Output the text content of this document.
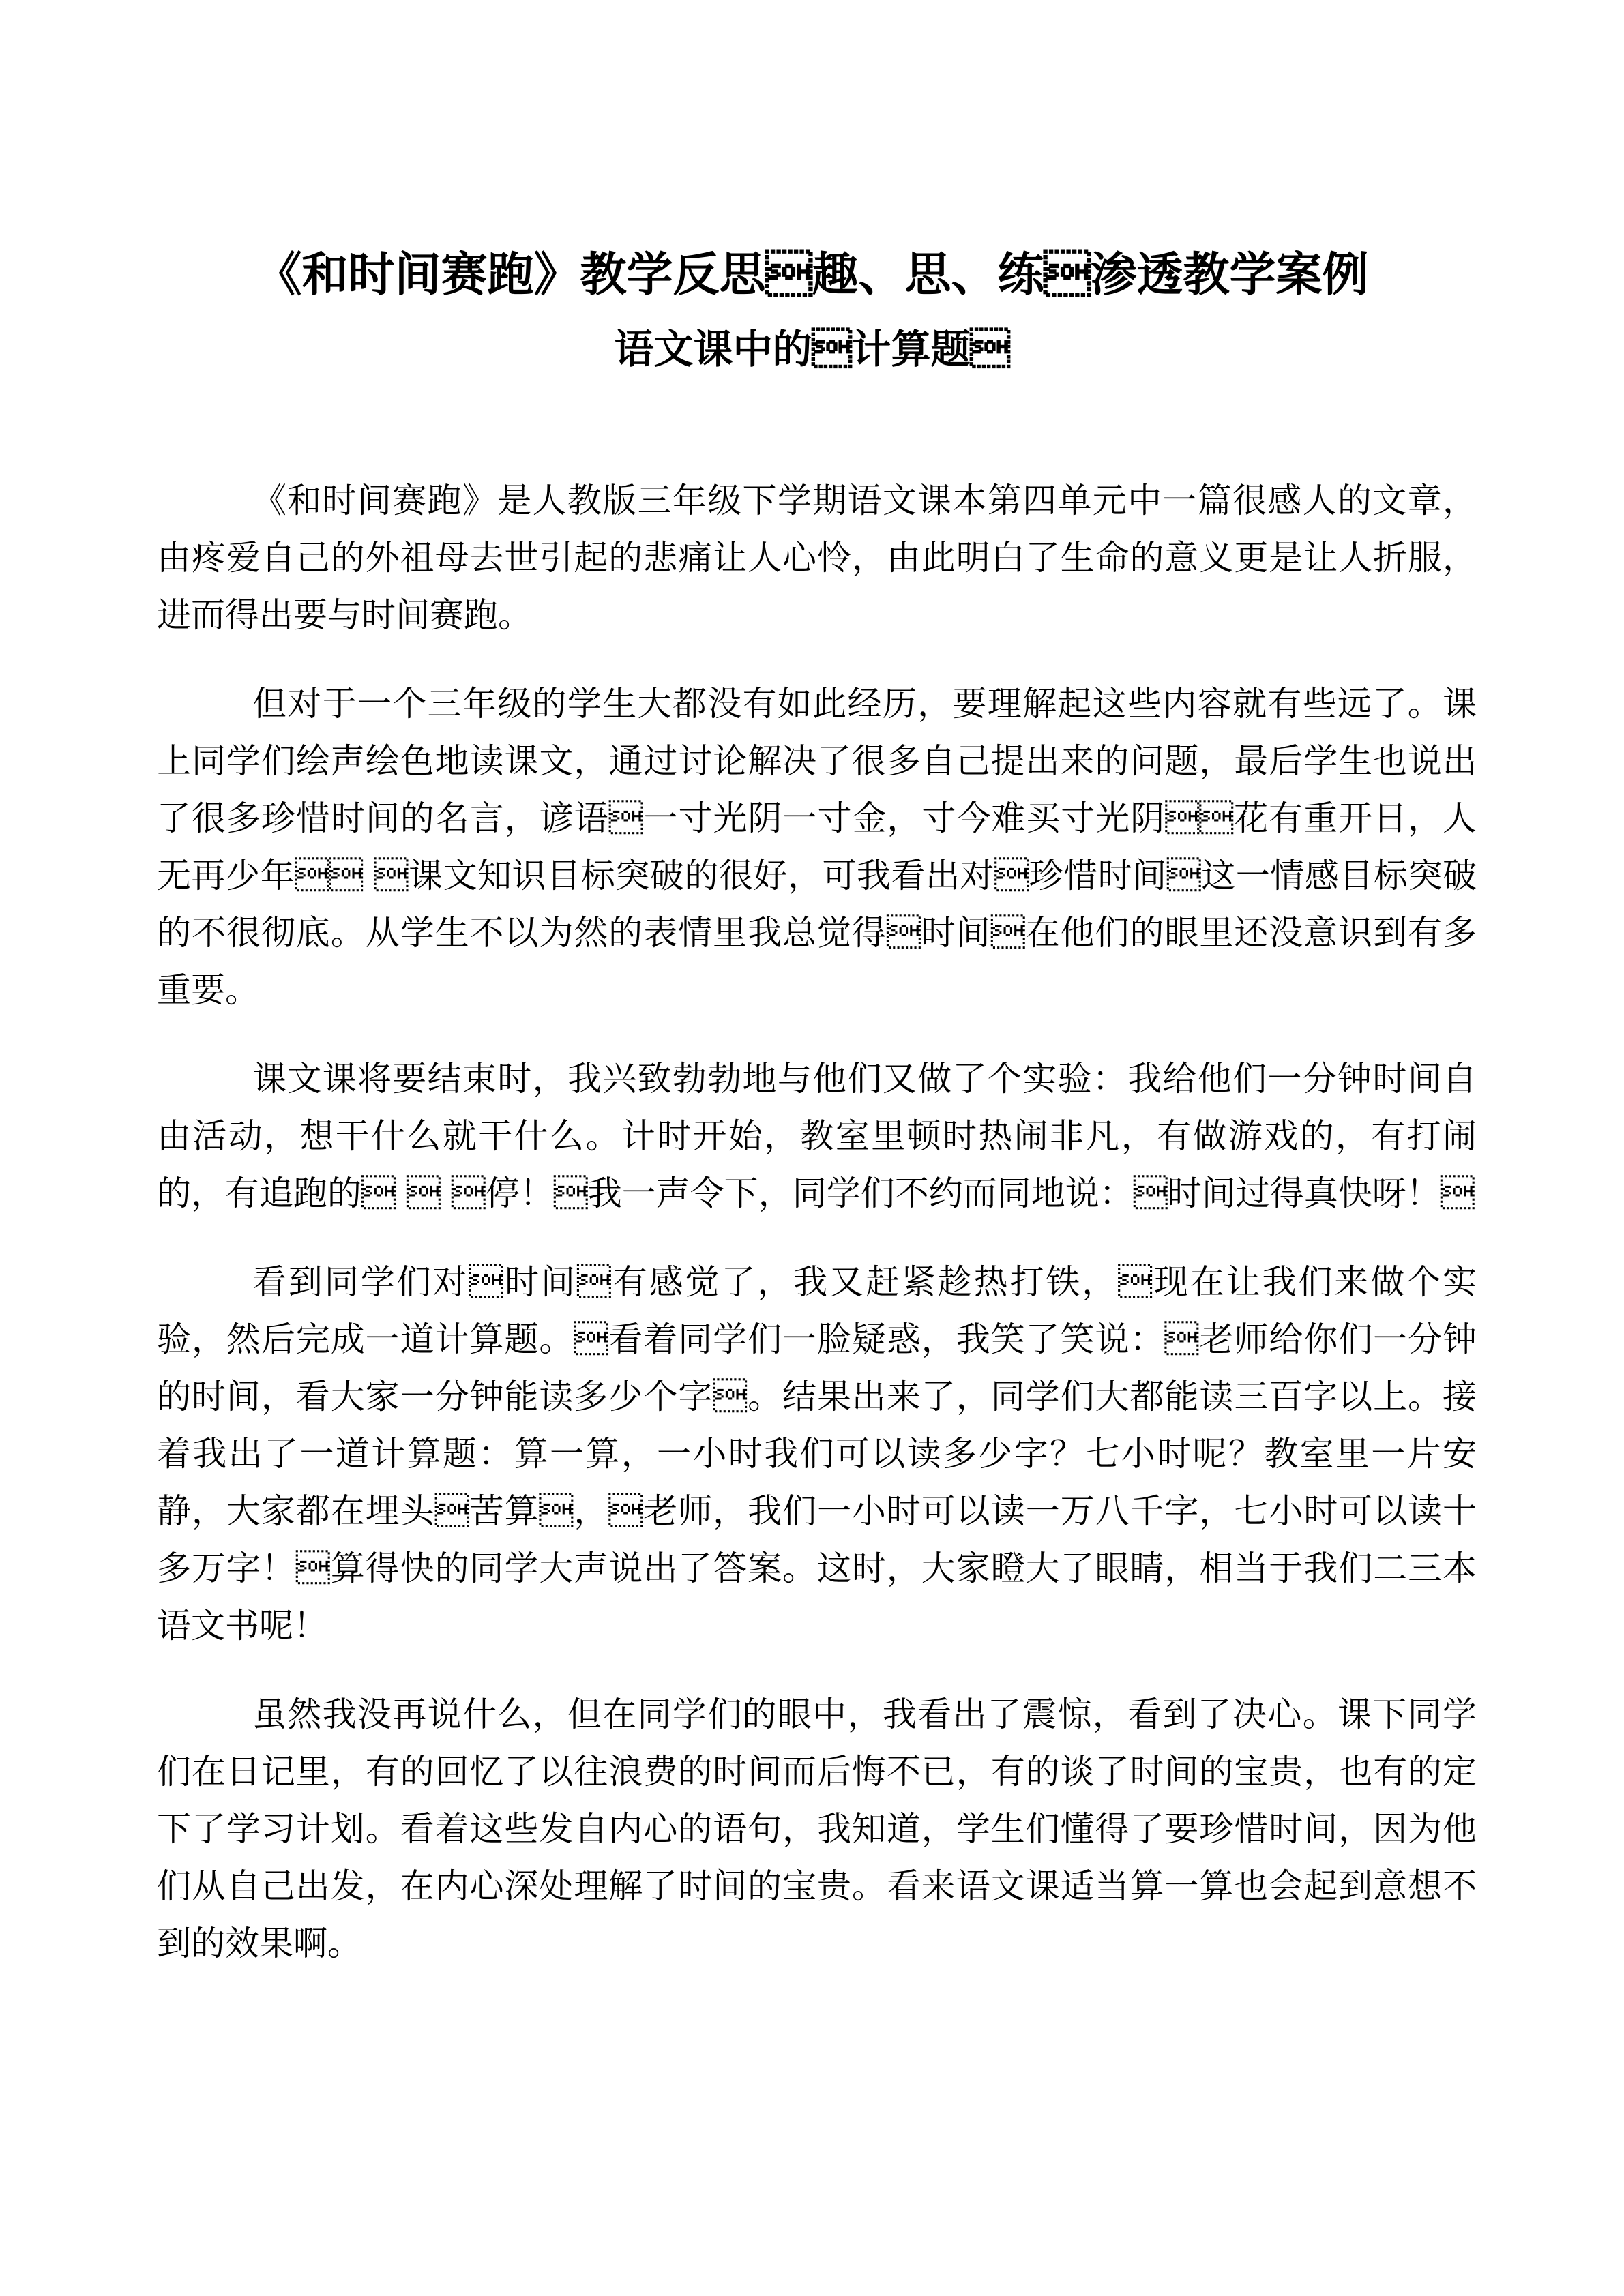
《和时间赛跑》教学反思趣、思、练渗透教学案例
语文课中的计算题

《和时间赛跑》是人教版三年级下学期语文课本第四单元中一篇很感人的文章，由疼爱自己的外祖母去世引起的悲痛让人心怜，由此明白了生命的意义更是让人折服，进而得出要与时间赛跑。

但对于一个三年级的学生大都没有如此经历，要理解起这些内容就有些远了。课上同学们绘声绘色地读课文，通过讨论解决了很多自己提出来的问题，最后学生也说出了很多珍惜时间的名言，谚语一寸光阴一寸金，寸今难买寸光阴花有重开日，人无再少年 课文知识目标突破的很好，可我看出对珍惜时间这一情感目标突破的不很彻底。从学生不以为然的表情里我总觉得时间在他们的眼里还没意识到有多重要。

课文课将要结束时，我兴致勃勃地与他们又做了个实验：我给他们一分钟时间自由活动，想干什么就干什么。计时开始，教室里顿时热闹非凡，有做游戏的，有打闹的，有追跑的  停！我一声令下，同学们不约而同地说：时间过得真快呀！

看到同学们对时间有感觉了，我又赶紧趁热打铁，现在让我们来做个实验，然后完成一道计算题。看着同学们一脸疑惑，我笑了笑说：老师给你们一分钟的时间，看大家一分钟能读多少个字。结果出来了，同学们大都能读三百字以上。接着我出了一道计算题：算一算，一小时我们可以读多少字？七小时呢？教室里一片安静，大家都在埋头苦算，老师，我们一小时可以读一万八千字，七小时可以读十多万字！算得快的同学大声说出了答案。这时，大家瞪大了眼睛，相当于我们二三本语文书呢！

虽然我没再说什么，但在同学们的眼中，我看出了震惊，看到了决心。课下同学们在日记里，有的回忆了以往浪费的时间而后悔不已，有的谈了时间的宝贵，也有的定下了学习计划。看着这些发自内心的语句，我知道，学生们懂得了要珍惜时间，因为他们从自己出发，在内心深处理解了时间的宝贵。看来语文课适当算一算也会起到意想不到的效果啊。
